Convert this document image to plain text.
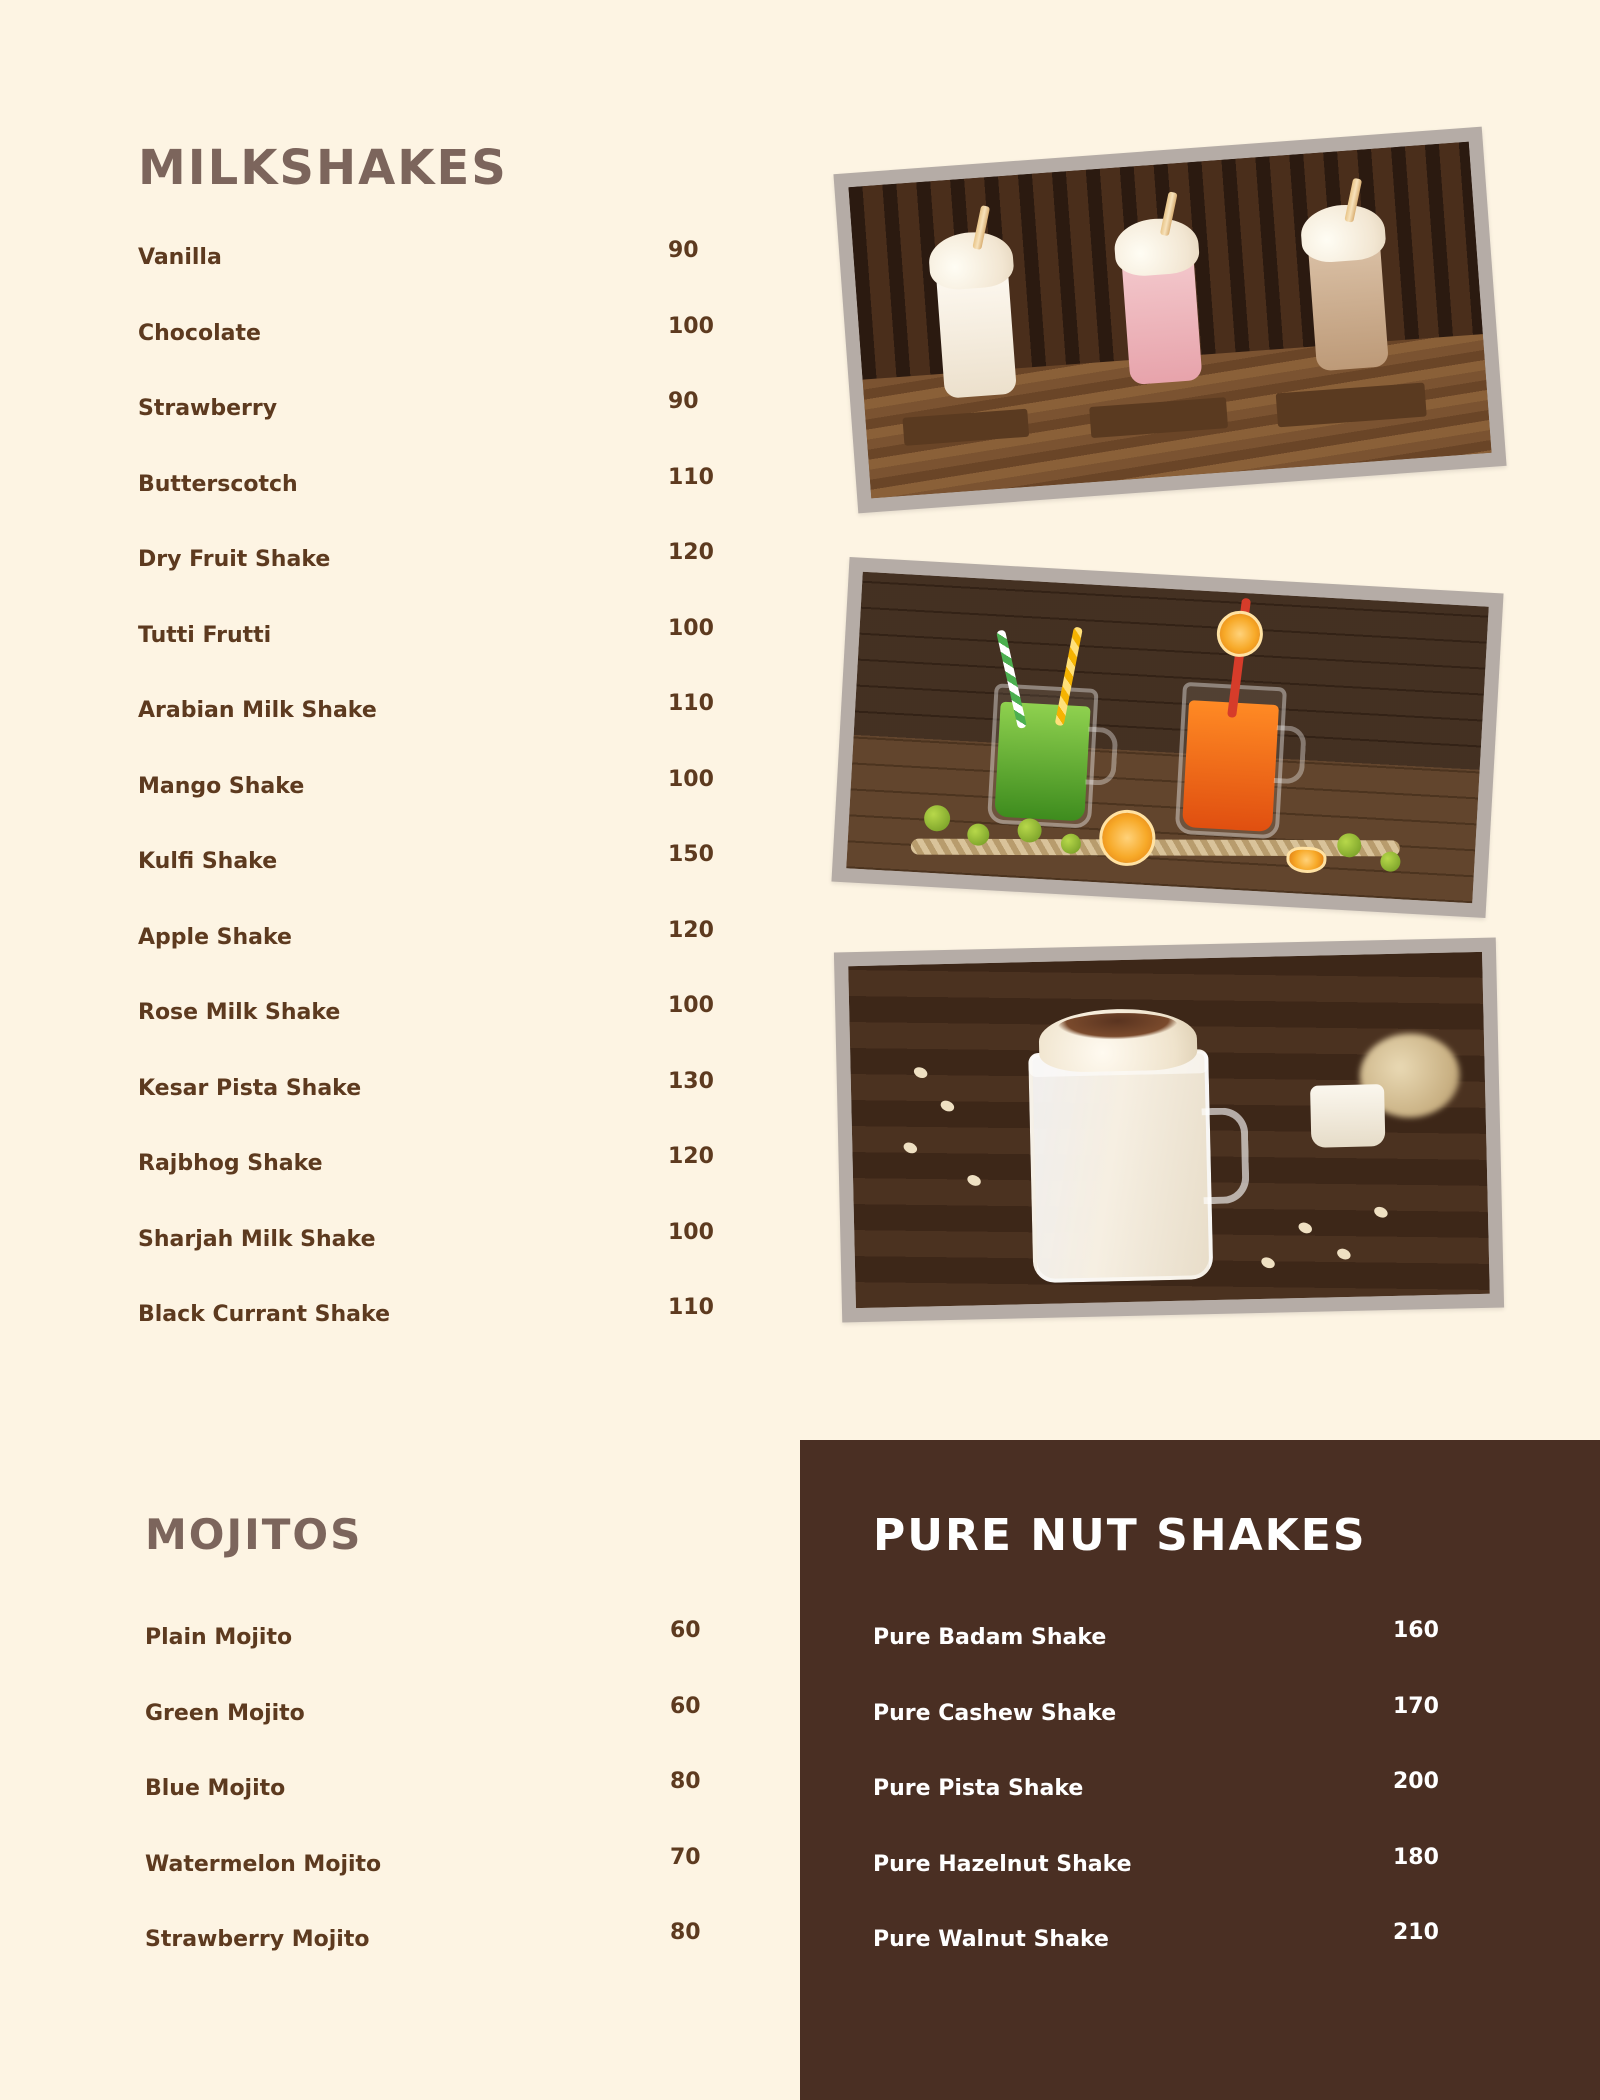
MILKSHAKES
Vanilla	90
Chocolate	100
Strawberry	90
Butterscotch	110
Dry Fruit Shake	120
Tutti Frutti	100
Arabian Milk Shake	110
Mango Shake	100
Kulfi Shake	150
Apple Shake	120
Rose Milk Shake	100
Kesar Pista Shake	130
Rajbhog Shake	120
Sharjah Milk Shake	100
Black Currant Shake	110
MOJITOS
Plain Mojito	60
Green Mojito	60
Blue Mojito	80
Watermelon Mojito	70
Strawberry Mojito	80
PURE NUT SHAKES
Pure Badam Shake	160
Pure Cashew Shake	170
Pure Pista Shake	200
Pure Hazelnut Shake	180
Pure Walnut Shake	210
